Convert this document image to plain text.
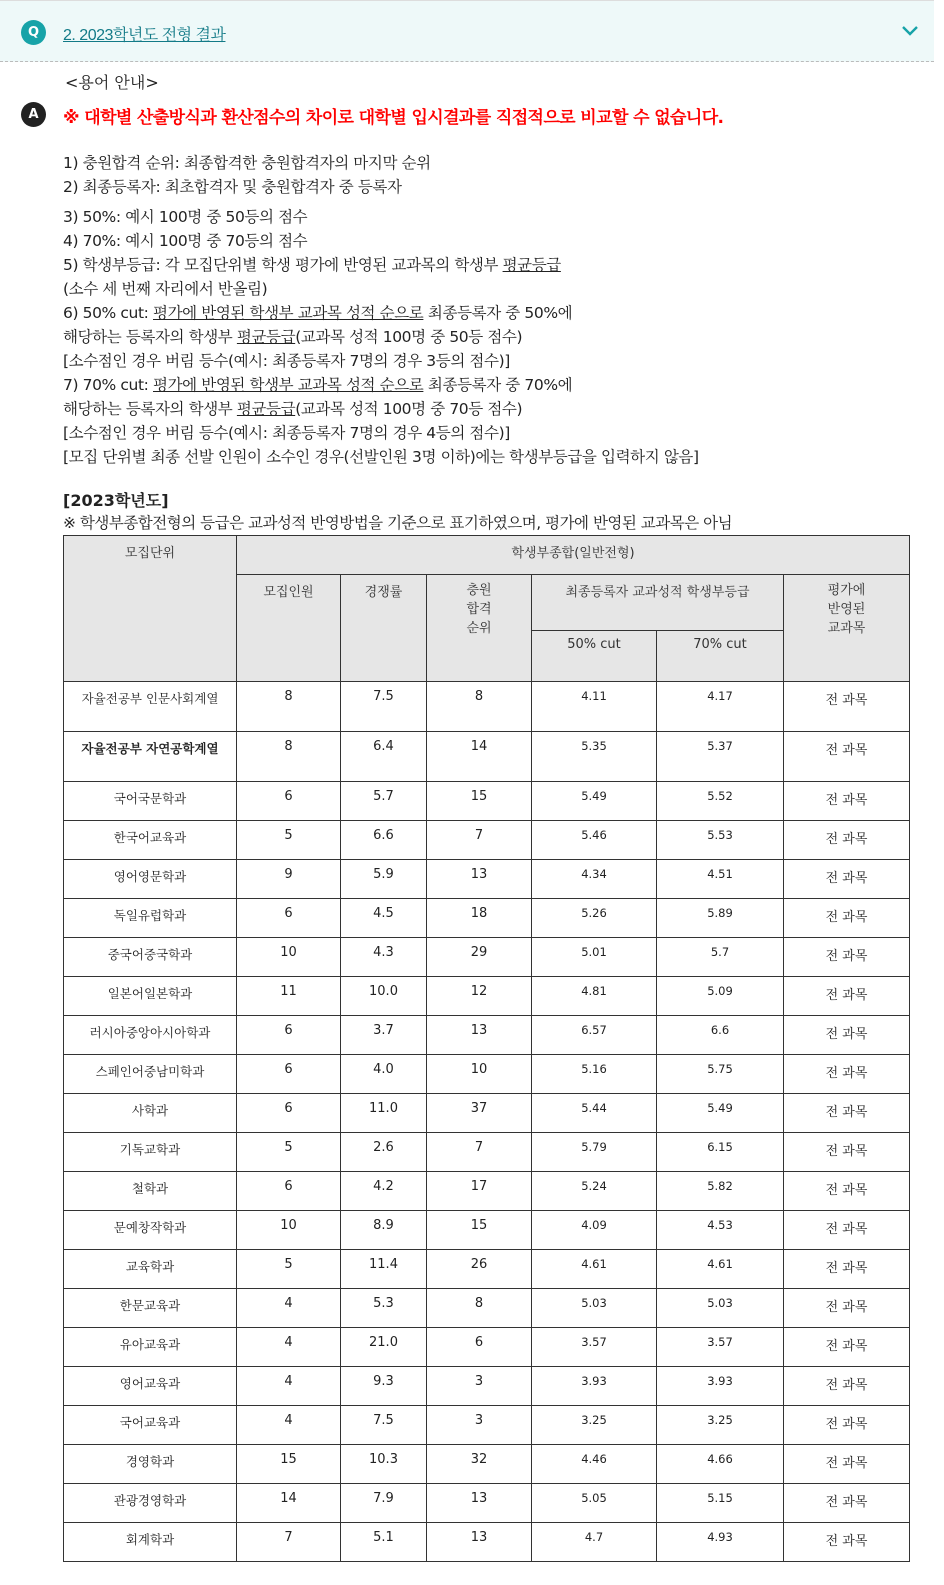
Q	2. 2023학년도 전형 결과
A
<용어 안내>
※ 대학별 산출방식과 환산점수의 차이로 대학별 입시결과를 직접적으로 비교할 수 없습니다.
1) 충원합격 순위: 최종합격한 충원합격자의 마지막 순위
2) 최종등록자: 최초합격자 및 충원합격자 중 등록자
3) 50%: 예시 100명 중 50등의 점수
4) 70%: 예시 100명 중 70등의 점수
5) 학생부등급: 각 모집단위별 학생 평가에 반영된 교과목의 학생부 평균등급
(소수 세 번째 자리에서 반올림)
6) 50% cut: 평가에 반영된 학생부 교과목 성적 순으로 최종등록자 중 50%에
해당하는 등록자의 학생부 평균등급(교과목 성적 100명 중 50등 점수)
[소수점인 경우 버림 등수(예시: 최종등록자 7명의 경우 3등의 점수)]
7) 70% cut: 평가에 반영된 학생부 교과목 성적 순으로 최종등록자 중 70%에
해당하는 등록자의 학생부 평균등급(교과목 성적 100명 중 70등 점수)
[소수점인 경우 버림 등수(예시: 최종등록자 7명의 경우 4등의 점수)]
[모집 단위별 최종 선발 인원이 소수인 경우(선발인원 3명 이하)에는 학생부등급을 입력하지 않음]
[2023학년도]
※ 학생부종합전형의 등급은 교과성적 반영방법을 기준으로 표기하였으며, 평가에 반영된 교과목은 아님
모집단위	학생부종합(일반전형)					
	모집인원	경쟁률	충원
합격
순위	최종등록자 교과성적 학생부등급		평가에
반영된
교과목
				50% cut	70% cut	
자율전공부 인문사회계열	8	7.5	8	4.11	4.17	전 과목
자율전공부 자연공학계열	8	6.4	14	5.35	5.37	전 과목
국어국문학과	6	5.7	15	5.49	5.52	전 과목
한국어교육과	5	6.6	7	5.46	5.53	전 과목
영어영문학과	9	5.9	13	4.34	4.51	전 과목
독일유럽학과	6	4.5	18	5.26	5.89	전 과목
중국어중국학과	10	4.3	29	5.01	5.7	전 과목
일본어일본학과	11	10.0	12	4.81	5.09	전 과목
러시아중앙아시아학과	6	3.7	13	6.57	6.6	전 과목
스페인어중남미학과	6	4.0	10	5.16	5.75	전 과목
사학과	6	11.0	37	5.44	5.49	전 과목
기독교학과	5	2.6	7	5.79	6.15	전 과목
철학과	6	4.2	17	5.24	5.82	전 과목
문예창작학과	10	8.9	15	4.09	4.53	전 과목
교육학과	5	11.4	26	4.61	4.61	전 과목
한문교육과	4	5.3	8	5.03	5.03	전 과목
유아교육과	4	21.0	6	3.57	3.57	전 과목
영어교육과	4	9.3	3	3.93	3.93	전 과목
국어교육과	4	7.5	3	3.25	3.25	전 과목
경영학과	15	10.3	32	4.46	4.66	전 과목
관광경영학과	14	7.9	13	5.05	5.15	전 과목
회계학과	7	5.1	13	4.7	4.93	전 과목
